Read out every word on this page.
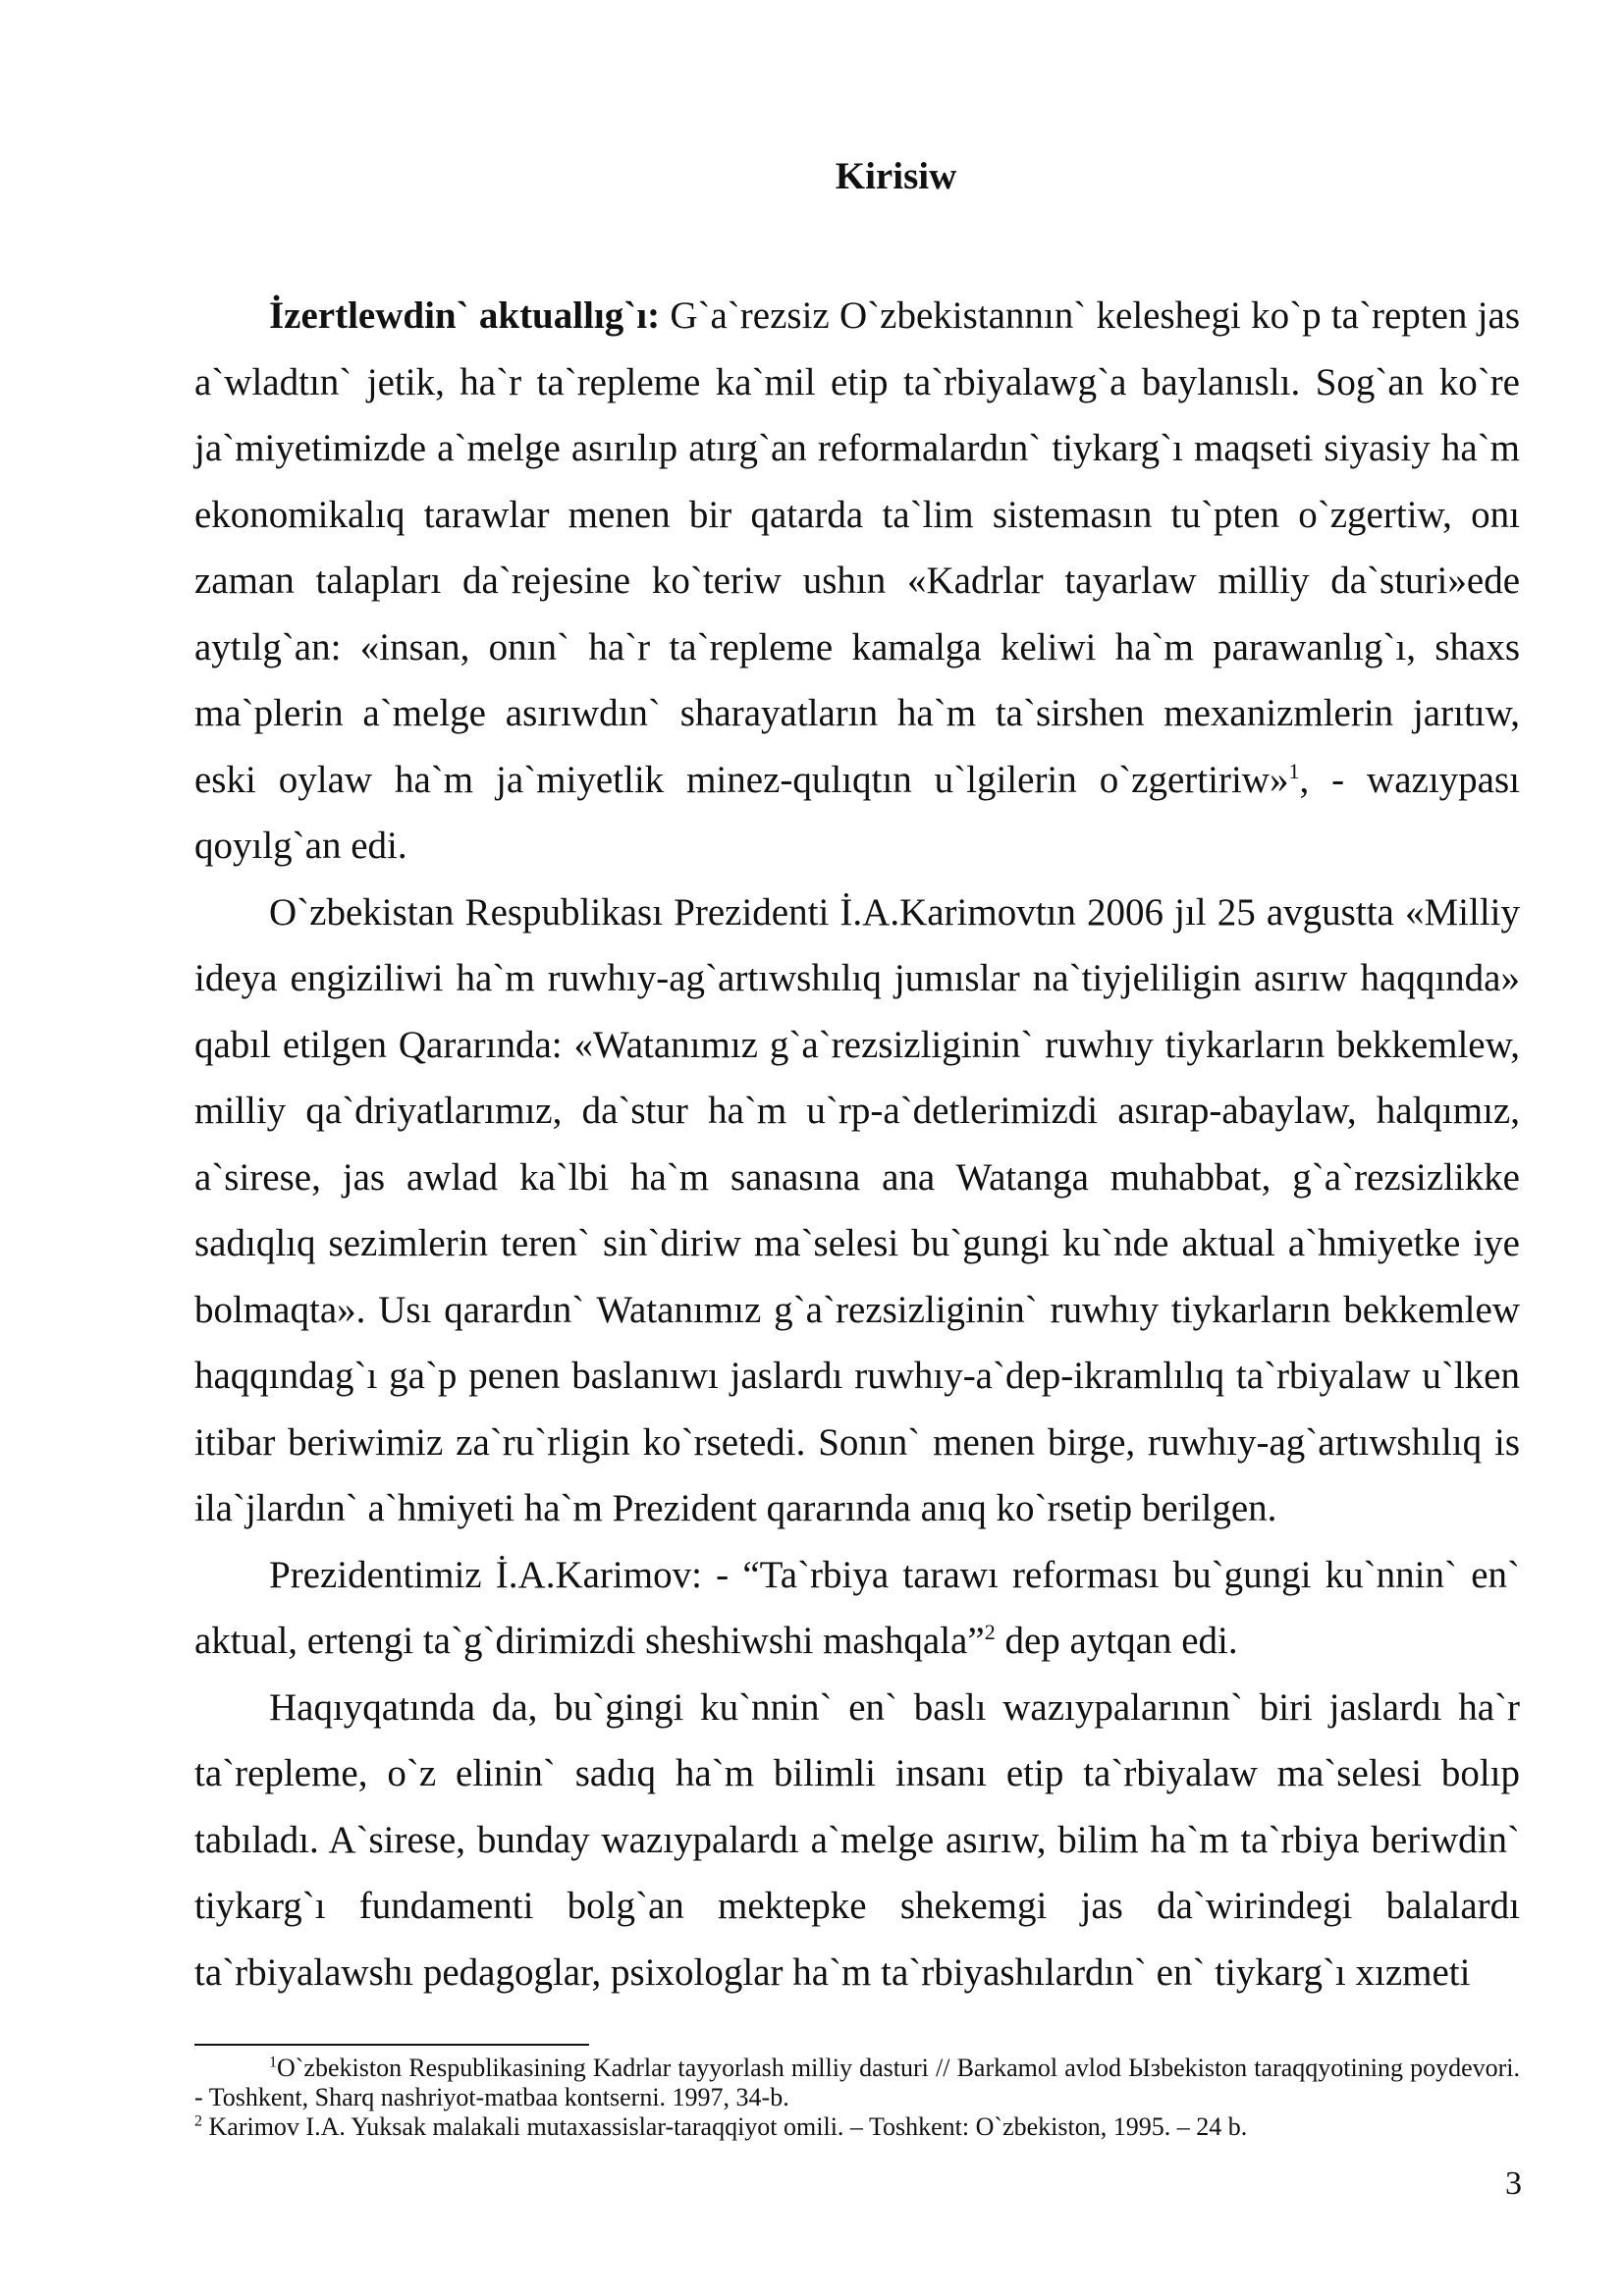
Kirisiw

İzertlewdin` aktuallıg`ı: G`a`rezsiz O`zbekistannın` keleshegi ko`p ta`repten jas a`wladtın` jetik, ha`r ta`repleme ka`mil etip ta`rbiyalawg`a baylanıslı. Sog`an ko`re ja`miyetimizde a`melge asırılıp atırg`an reformalardın` tiykarg`ı maqseti siyasiy ha`m ekonomikalıq tarawlar menen bir qatarda ta`lim sistemasın tu`pten o`zgertiw, onı zaman talapları da`rejesine ko`teriw ushın «Kadrlar tayarlaw milliy da`sturi»ede aytılg`an: «insan, onın` ha`r ta`repleme kamalga keliwi ha`m parawanlıg`ı, shaxs ma`plerin a`melge asırıwdın` sharayatların ha`m ta`sirshen mexanizmlerin jarıtıw, eski oylaw ha`m ja`miyetlik minez-qulıqtın u`lgilerin o`zgertiriw»$^1$, - wazıypası qoyılg`an edi.

O`zbekistan Respublikası Prezidenti İ.A.Karimovtın 2006 jıl 25 avgustta «Milliy ideya engiziliwi ha`m ruwhıy-ag`artıwshılıq jumıslar na`tiyjeliligin asırıw haqqında» qabıl etilgen Qararında: «Watanımız g`a`rezsizliginin` ruwhıy tiykarların bekkemlew, milliy qa`driyatlarımız, da`stur ha`m u`rp-a`detlerimizdi asırap-abaylaw, halqımız, a`sirese, jas awlad ka`lbi ha`m sanasına ana Watanga muhabbat, g`a`rezsizlikke sadıqlıq sezimlerin teren` sin`diriw ma`selesi bu`gungi ku`nde aktual a`hmiyetke iye bolmaqta». Usı qarardın` Watanımız g`a`rezsizliginin` ruwhıy tiykarların bekkemlew haqqındag`ı ga`p penen baslanıwı jaslardı ruwhıy-a`dep-ikramlılıq ta`rbiyalaw u`lken itibar beriwimiz za`ru`rligin ko`rsetedi. Sonın` menen birge, ruwhıy-ag`artıwshılıq is ila`jlardın` a`hmiyeti ha`m Prezident qararında anıq ko`rsetip berilgen.

Prezidentimiz İ.A.Karimov: - “Ta`rbiya tarawı reforması bu`gungi ku`nnin` en` aktual, ertengi ta`g`dirimizdi sheshiwshi mashqala”$^2$ dep aytqan edi.

Haqıyqatında da, bu`gingi ku`nnin` en` baslı wazıypalarının` biri jaslardı ha`r ta`repleme, o`z elinin` sadıq ha`m bilimli insanı etip ta`rbiyalaw ma`selesi bolıp tabıladı. A`sirese, bunday wazıypalardı a`melge asırıw, bilim ha`m ta`rbiya beriwdin` tiykarg`ı fundamenti bolg`an mektepke shekemgi jas da`wirindegi balalardı ta`rbiyalawshı pedagoglar, psixologlar ha`m ta`rbiyashılardın` en` tiykarg`ı xızmeti

$^1$O`zbekiston Respublikasining Kadrlar tayyorlash milliy dasturi // Barkamol avlod Ызbekiston taraqqyotining poydevori. - Toshkent, Sharq nashriyot-matbaa kontserni. 1997, 34-b.

$^2$ Karimov I.A. Yuksak malakali mutaxassislar-taraqqiyot omili. – Toshkent: O`zbekiston, 1995. – 24 b.

3
